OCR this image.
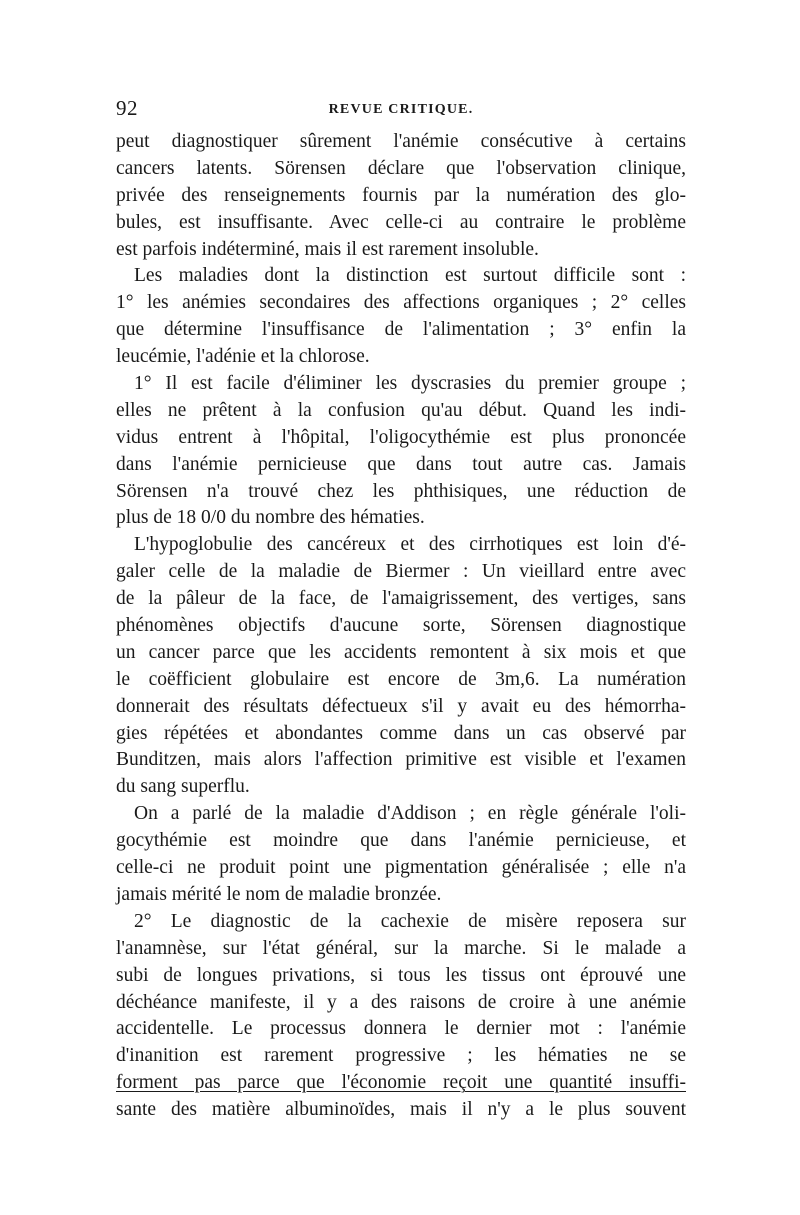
92	REVUE CRITIQUE.
peut diagnostiquer sûrement l'anémie consécutive à certains
cancers latents. Sörensen déclare que l'observation clinique,
privée des renseignements fournis par la numération des glo-
bules, est insuffisante. Avec celle-ci au contraire le problème
est parfois indéterminé, mais il est rarement insoluble.
Les maladies dont la distinction est surtout difficile sont :
1° les anémies secondaires des affections organiques ; 2° celles
que détermine l'insuffisance de l'alimentation ; 3° enfin la
leucémie, l'adénie et la chlorose.
1° Il est facile d'éliminer les dyscrasies du premier groupe ;
elles ne prêtent à la confusion qu'au début. Quand les indi-
vidus entrent à l'hôpital, l'oligocythémie est plus prononcée
dans l'anémie pernicieuse que dans tout autre cas. Jamais
Sörensen n'a trouvé chez les phthisiques, une réduction de
plus de 18 0/0 du nombre des hématies.
L'hypoglobulie des cancéreux et des cirrhotiques est loin d'é-
galer celle de la maladie de Biermer : Un vieillard entre avec
de la pâleur de la face, de l'amaigrissement, des vertiges, sans
phénomènes objectifs d'aucune sorte, Sörensen diagnostique
un cancer parce que les accidents remontent à six mois et que
le coëfficient globulaire est encore de 3m,6. La numération
donnerait des résultats défectueux s'il y avait eu des hémorrha-
gies répétées et abondantes comme dans un cas observé par
Bunditzen, mais alors l'affection primitive est visible et l'examen
du sang superflu.
On a parlé de la maladie d'Addison ; en règle générale l'oli-
gocythémie est moindre que dans l'anémie pernicieuse, et
celle-ci ne produit point une pigmentation généralisée ; elle n'a
jamais mérité le nom de maladie bronzée.
2° Le diagnostic de la cachexie de misère reposera sur
l'anamnèse, sur l'état général, sur la marche. Si le malade a
subi de longues privations, si tous les tissus ont éprouvé une
déchéance manifeste, il y a des raisons de croire à une anémie
accidentelle. Le processus donnera le dernier mot : l'anémie
d'inanition est rarement progressive ; les hématies ne se
forment pas parce que l'économie reçoit une quantité insuffi-
sante des matière albuminoïdes, mais il n'y a le plus souvent
